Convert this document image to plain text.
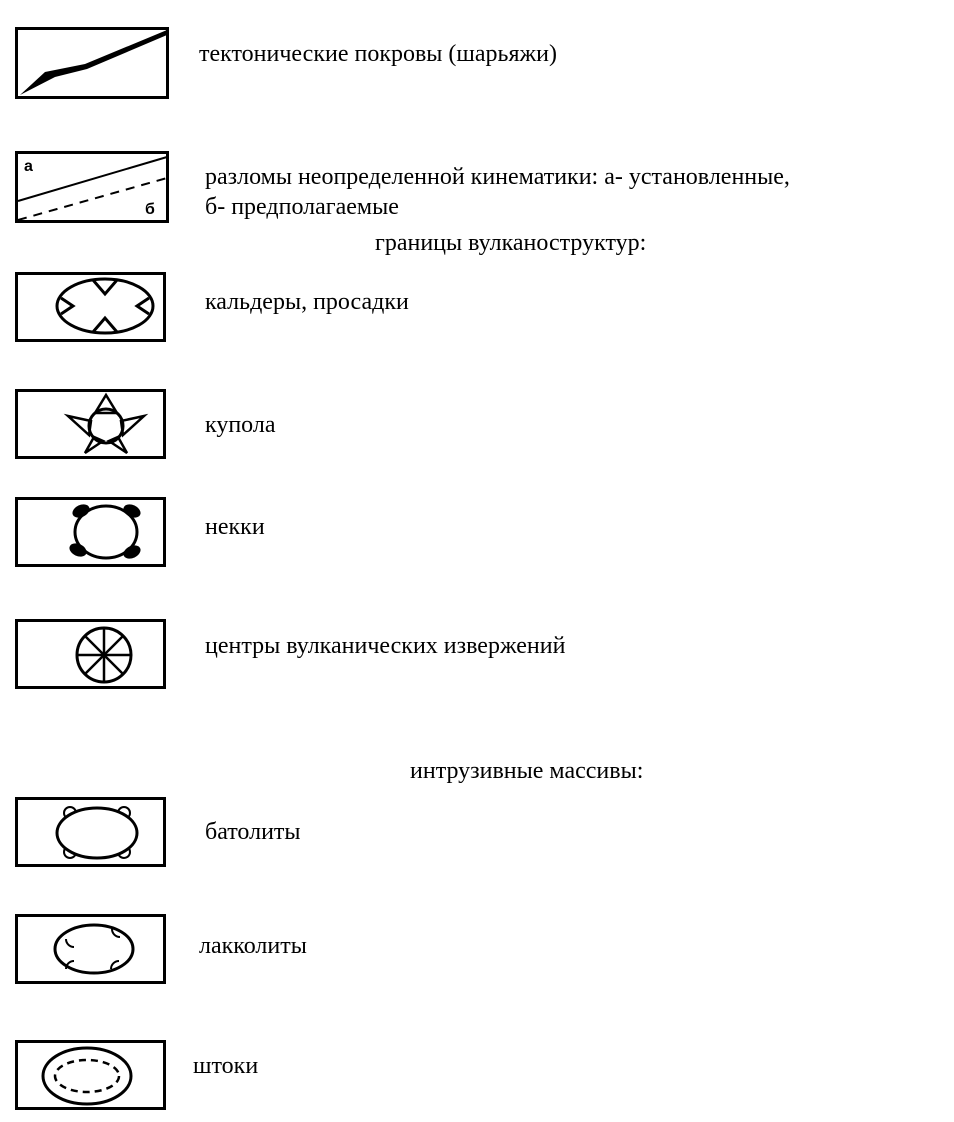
тектонические покровы (шарьяжи)
а
б
разломы неопределенной кинематики: а- установленные,
б- предполагаемые
границы вулканоструктур:
кальдеры, просадки
купола
некки
центры вулканических извержений
интрузивные массивы:
батолиты
лакколиты
штоки
